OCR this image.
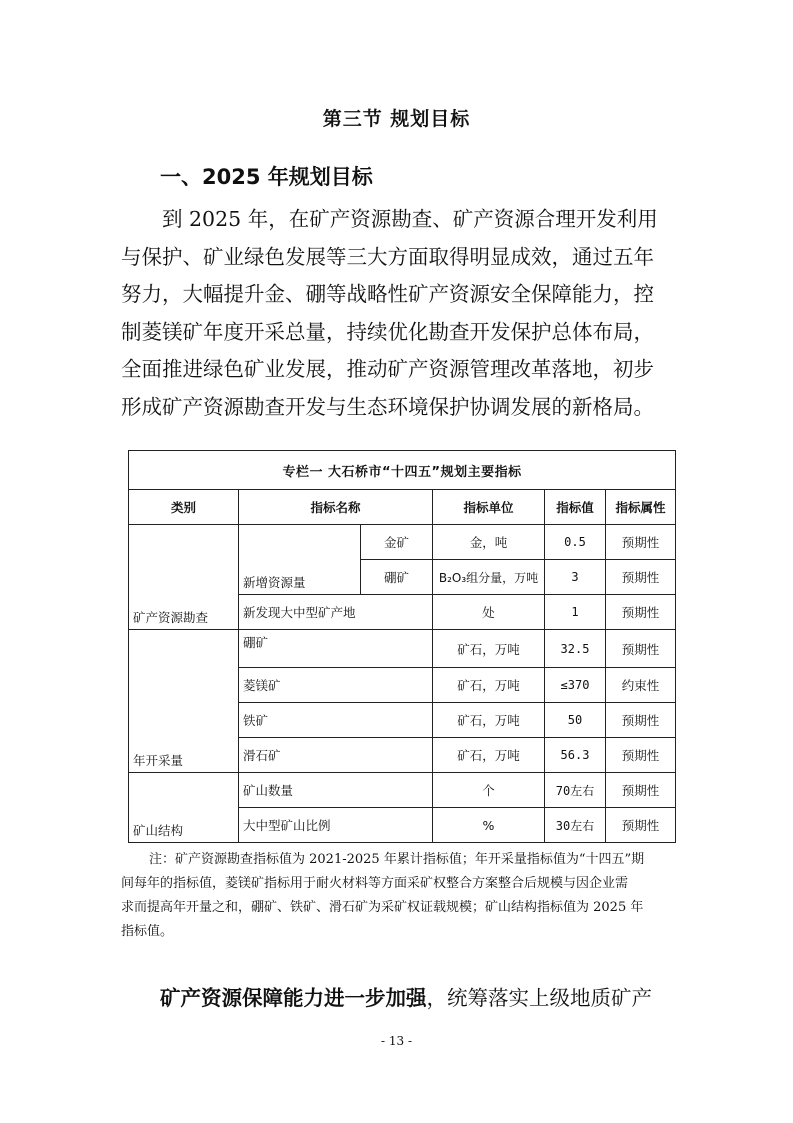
第三节 规划目标
一、2025 年规划目标

到 2025 年，在矿产资源勘查、矿产资源合理开发利用

与保护、矿业绿色发展等三大方面取得明显成效，通过五年

努力，大幅提升金、硼等战略性矿产资源安全保障能力，控

制菱镁矿年度开采总量，持续优化勘查开发保护总体布局，

全面推进绿色矿业发展，推动矿产资源管理改革落地，初步

形成矿产资源勘查开发与生态环境保护协调发展的新格局。

专栏一 大石桥市“十四五”规划主要指标					
类别	指标名称		指标单位	指标值	指标属性
矿产资源勘查	新增资源量	金矿	金，吨	0.5	预期性
		硼矿	B₂O₃组分量，万吨	3	预期性
	新发现大中型矿产地		处	1	预期性
年开采量	硼矿		矿石，万吨	32.5	预期性
	菱镁矿		矿石，万吨	≤370	约束性
	铁矿		矿石，万吨	50	预期性
	滑石矿		矿石，万吨	56.3	预期性
矿山结构	矿山数量		个	70左右	预期性
	大中型矿山比例		%	30左右	预期性

注：矿产资源勘查指标值为 2021-2025 年累计指标值；年开采量指标值为“十四五”期

间每年的指标值，菱镁矿指标用于耐火材料等方面采矿权整合方案整合后规模与因企业需

求而提高年开量之和，硼矿、铁矿、滑石矿为采矿权证载规模；矿山结构指标值为 2025 年

指标值。

矿产资源保障能力进一步加强，统筹落实上级地质矿产
- 13 -
